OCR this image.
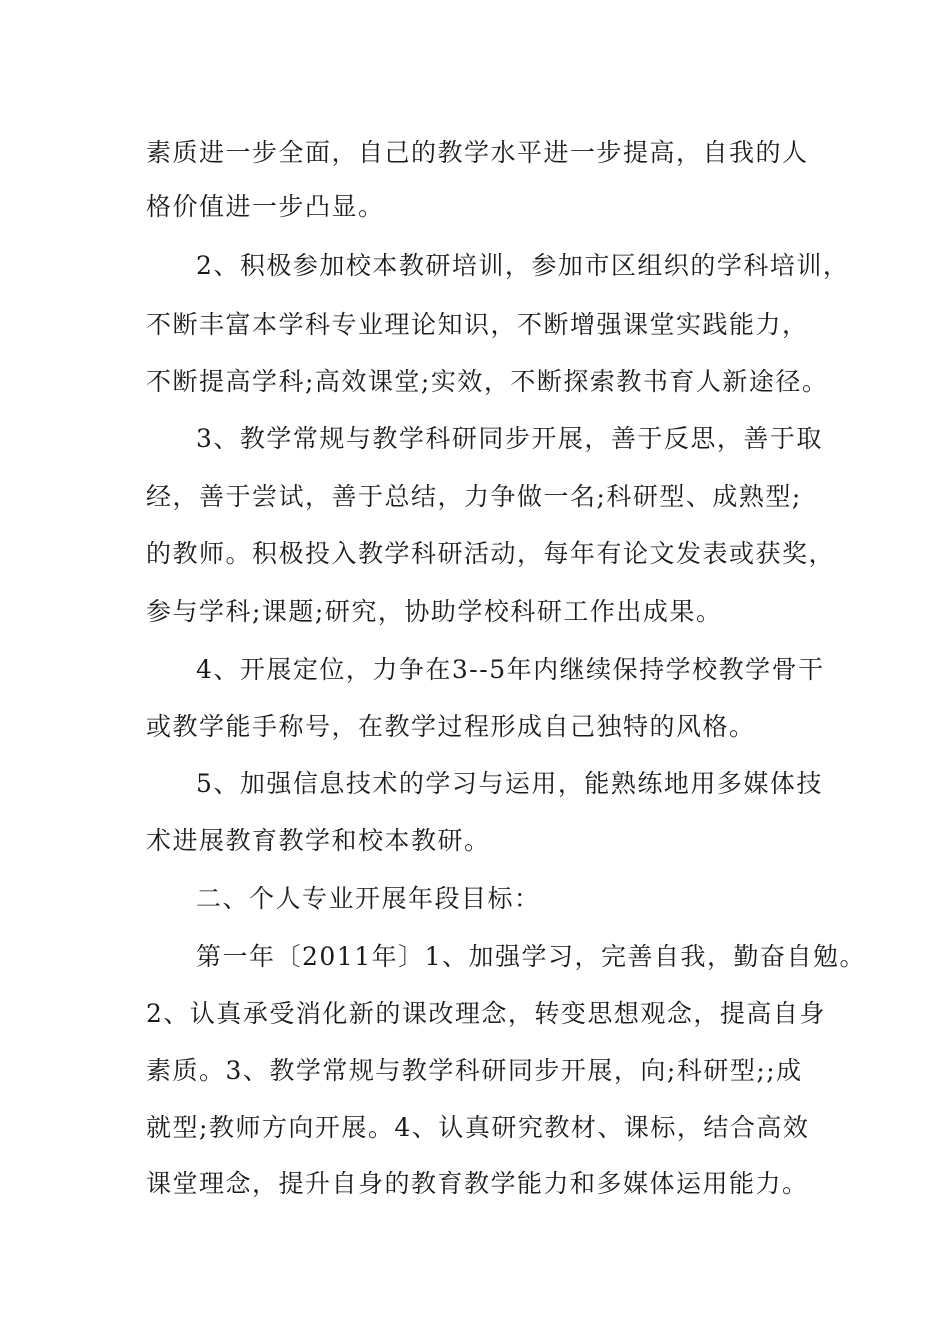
素质进一步全面，自己的教学水平进一步提高，自我的人
格价值进一步凸显。
2、积极参加校本教研培训，参加市区组织的学科培训，
不断丰富本学科专业理论知识，不断增强课堂实践能力，
不断提高学科;高效课堂;实效，不断探索教书育人新途径。
3、教学常规与教学科研同步开展，善于反思，善于取
经，善于尝试，善于总结，力争做一名;科研型、成熟型;
的教师。积极投入教学科研活动，每年有论文发表或获奖，
参与学科;课题;研究，协助学校科研工作出成果。
4、开展定位，力争在3--5年内继续保持学校教学骨干
或教学能手称号，在教学过程形成自己独特的风格。
5、加强信息技术的学习与运用，能熟练地用多媒体技
术进展教育教学和校本教研。
二、个人专业开展年段目标：
第一年〔2011年〕1、加强学习，完善自我，勤奋自勉。
2、认真承受消化新的课改理念，转变思想观念，提高自身
素质。3、教学常规与教学科研同步开展，向;科研型;;成
就型;教师方向开展。4、认真研究教材、课标，结合高效
课堂理念，提升自身的教育教学能力和多媒体运用能力。
